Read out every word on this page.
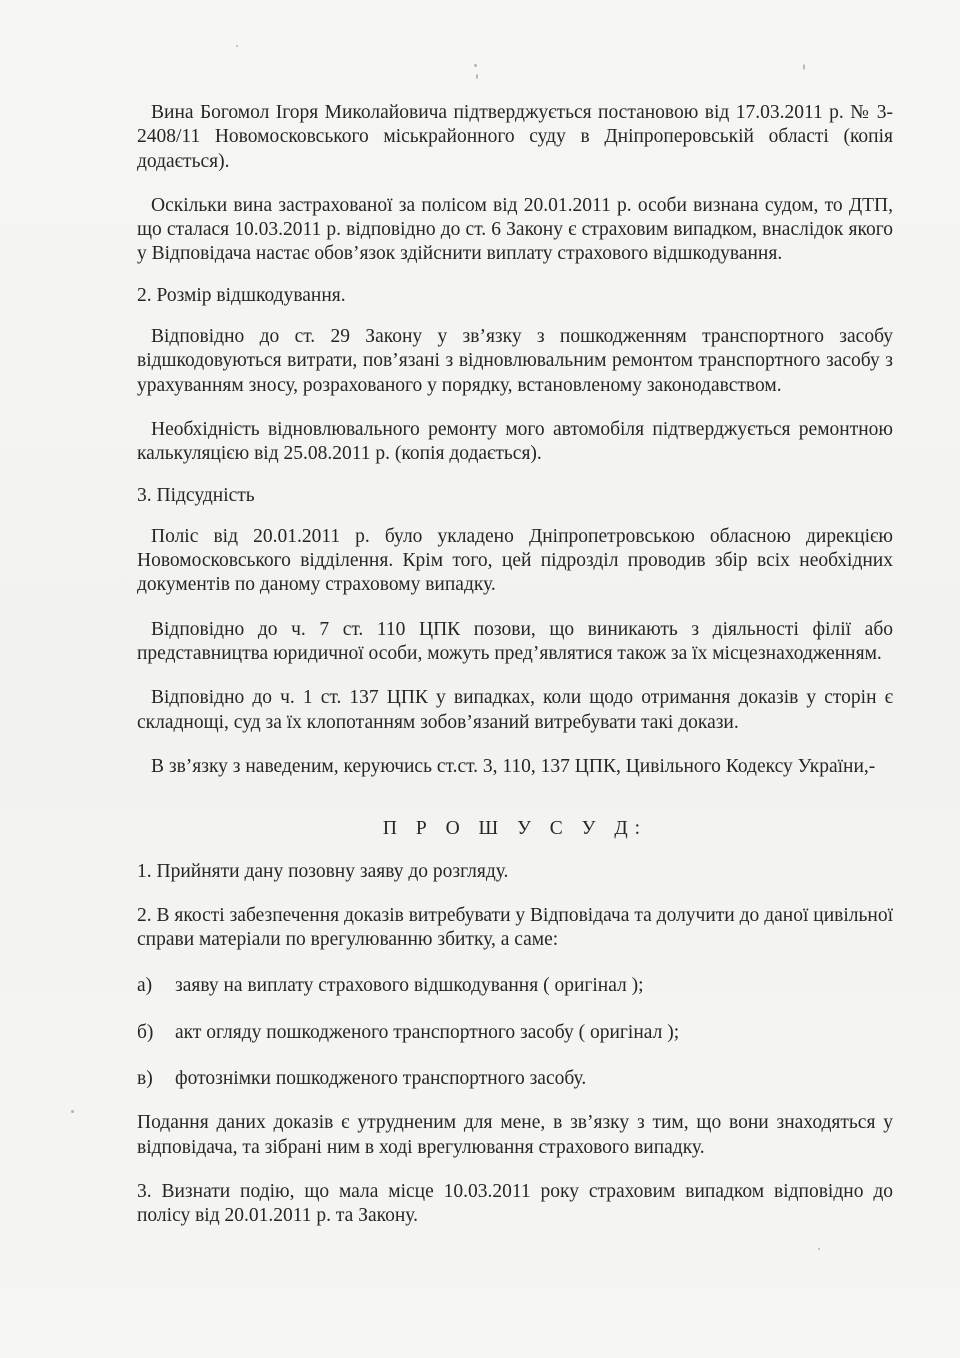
Вина Богомол Ігоря Миколайовича підтверджується постановою від 17.03.2011 р. № 3-2408/11 Новомосковського міськрайонного суду в Дніпроперовській області (копія додається).

Оскільки вина застрахованої за полісом від 20.01.2011 р. особи визнана судом, то ДТП, що сталася 10.03.2011 р. відповідно до ст. 6 Закону є страховим випадком, внаслідок якого у Відповідача настає обов’язок здійснити виплату страхового відшкодування.

2. Розмір відшкодування.

Відповідно до ст. 29 Закону у зв’язку з пошкодженням транспортного засобу відшкодовуються витрати, пов’язані з відновлювальним ремонтом транспортного засобу з урахуванням зносу, розрахованого у порядку, встановленому законодавством.

Необхідність відновлювального ремонту мого автомобіля підтверджується ремонтною калькуляцією від 25.08.2011 р. (копія додається).

3. Підсудність

Поліс від 20.01.2011 р. було укладено Дніпропетровською обласною дирекцією Новомосковського відділення. Крім того, цей підрозділ проводив збір всіх необхідних документів по даному страховому випадку.

Відповідно до ч. 7 ст. 110 ЦПК позови, що виникають з діяльності філії або представництва юридичної особи, можуть пред’являтися також за їх місцезнаходженням.

Відповідно до ч. 1 ст. 137 ЦПК у випадках, коли щодо отримання доказів у сторін є складнощі, суд за їх клопотанням зобов’язаний витребувати такі докази.

В зв’язку з наведеним, керуючись ст.ст. 3, 110, 137 ЦПК, Цивільного Кодексу України,-

П Р О Ш У С У Д:

1. Прийняти дану позовну заяву до розгляду.

2. В якості забезпечення доказів витребувати у Відповідача та долучити до даної цивільної справи матеріали по врегулюванню збитку, а саме:

а)	заяву на виплату страхового відшкодування ( оригінал );
б)	акт огляду пошкодженого транспортного засобу ( оригінал );
в)	фотознімки пошкодженого транспортного засобу.

Подання даних доказів є утрудненим для мене, в зв’язку з тим, що вони знаходяться у відповідача, та зібрані ним в ході врегулювання страхового випадку.

3. Визнати подію, що мала місце 10.03.2011 року страховим випадком відповідно до полісу від 20.01.2011 р. та Закону.
